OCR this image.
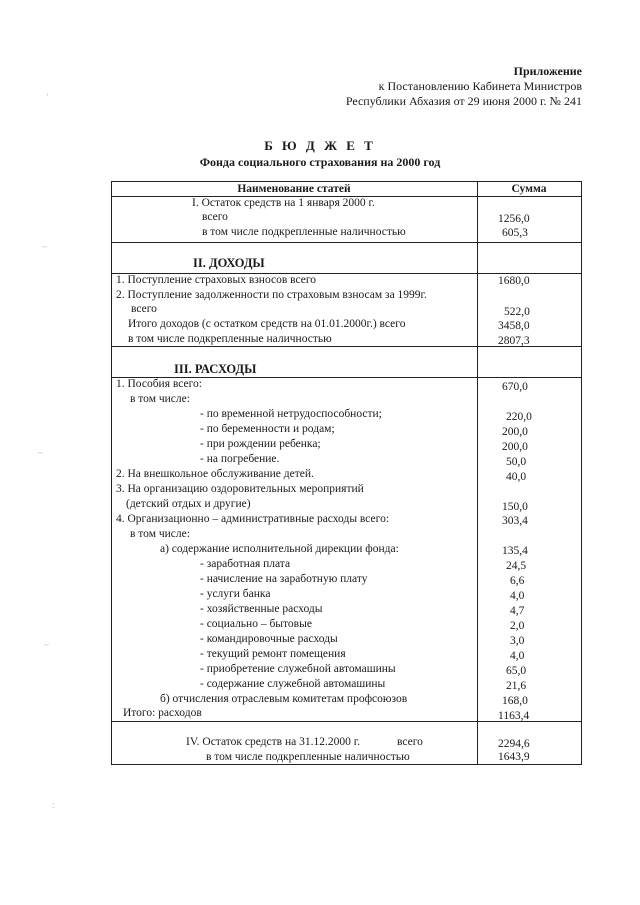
Приложение
к Постановлению Кабинета Министров
Республики Абхазия от 29 июня 2000 г. № 241
Б Ю Д Ж Е Т
Фонда социального страхования на 2000 год
Наименование статей	Сумма
I. Остаток средств на 1 января 2000 г.
всего	1256,0
в том числе подкрепленные наличностью	605,3
II. ДОХОДЫ
1. Поступление страховых взносов всего	1680,0
2. Поступление задолженности по страховым взносам за 1999г.
всего	522,0
Итого доходов (с остатком средств на 01.01.2000г.) всего	3458,0
в том числе подкрепленные наличностью	2807,3
III. РАСХОДЫ
1. Пособия всего:	670,0
в том числе:
- по временной нетрудоспособности;	220,0
- по беременности и родам;	200,0
- при рождении ребенка;	200,0
- на погребение.	50,0
2. На внешкольное обслуживание детей.	40,0
3. На организацию оздоровительных мероприятий
(детский отдых и другие)	150,0
4. Организационно – административные расходы всего:	303,4
в том числе:
а) содержание исполнительной дирекции фонда:	135,4
- заработная плата	24,5
- начисление на заработную плату	6,6
- услуги банка	4,0
- хозяйственные расходы	4,7
- социально – бытовые	2,0
- командировочные расходы	3,0
- текущий ремонт помещения	4,0
- приобретение служебной автомашины	65,0
- содержание служебной автомашины	21,6
б) отчисления отраслевым комитетам профсоюзов	168,0
Итого: расходов	1163,4
IV. Остаток средств на 31.12.2000 г.	всего	2294,6
в том числе подкрепленные наличностью	1643,9
’
~
~
~
:
